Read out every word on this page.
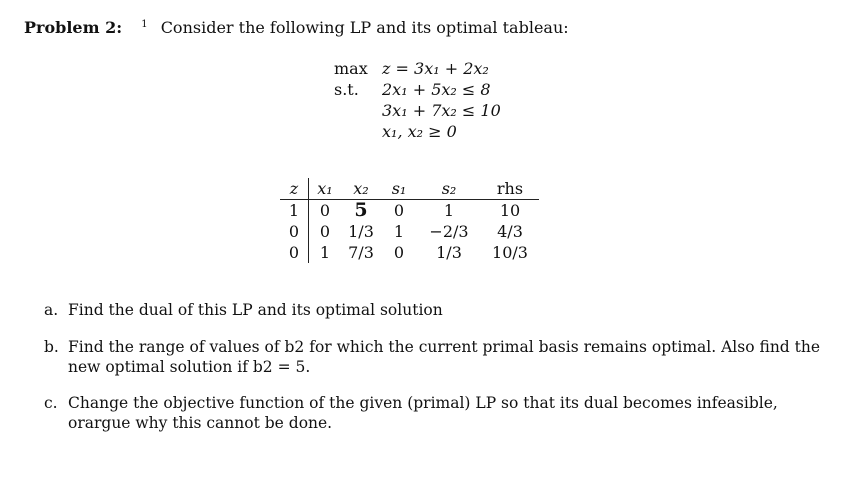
Problem 2: $^1$ Consider the following LP and its optimal tableau:
max z = 3x₁ + 2x₂
s.t.	2x₁ + 5x₂ ≤ 8
3x₁ + 7x₂ ≤ 10
x₁, x₂ ≥ 0
z	x₁	x₂	s₁	s₂	rhs
1	0	5	0	1	10
0	0	1/3	1	−2/3	4/3
0	1	7/3	0	1/3	10/3
a. Find the dual of this LP and its optimal solution
b. Find the range of values of b2 for which the current primal basis remains optimal. Also find the new optimal solution if b2 = 5.
c. Change the objective function of the given (primal) LP so that its dual becomes infeasible, orargue why this cannot be done.
